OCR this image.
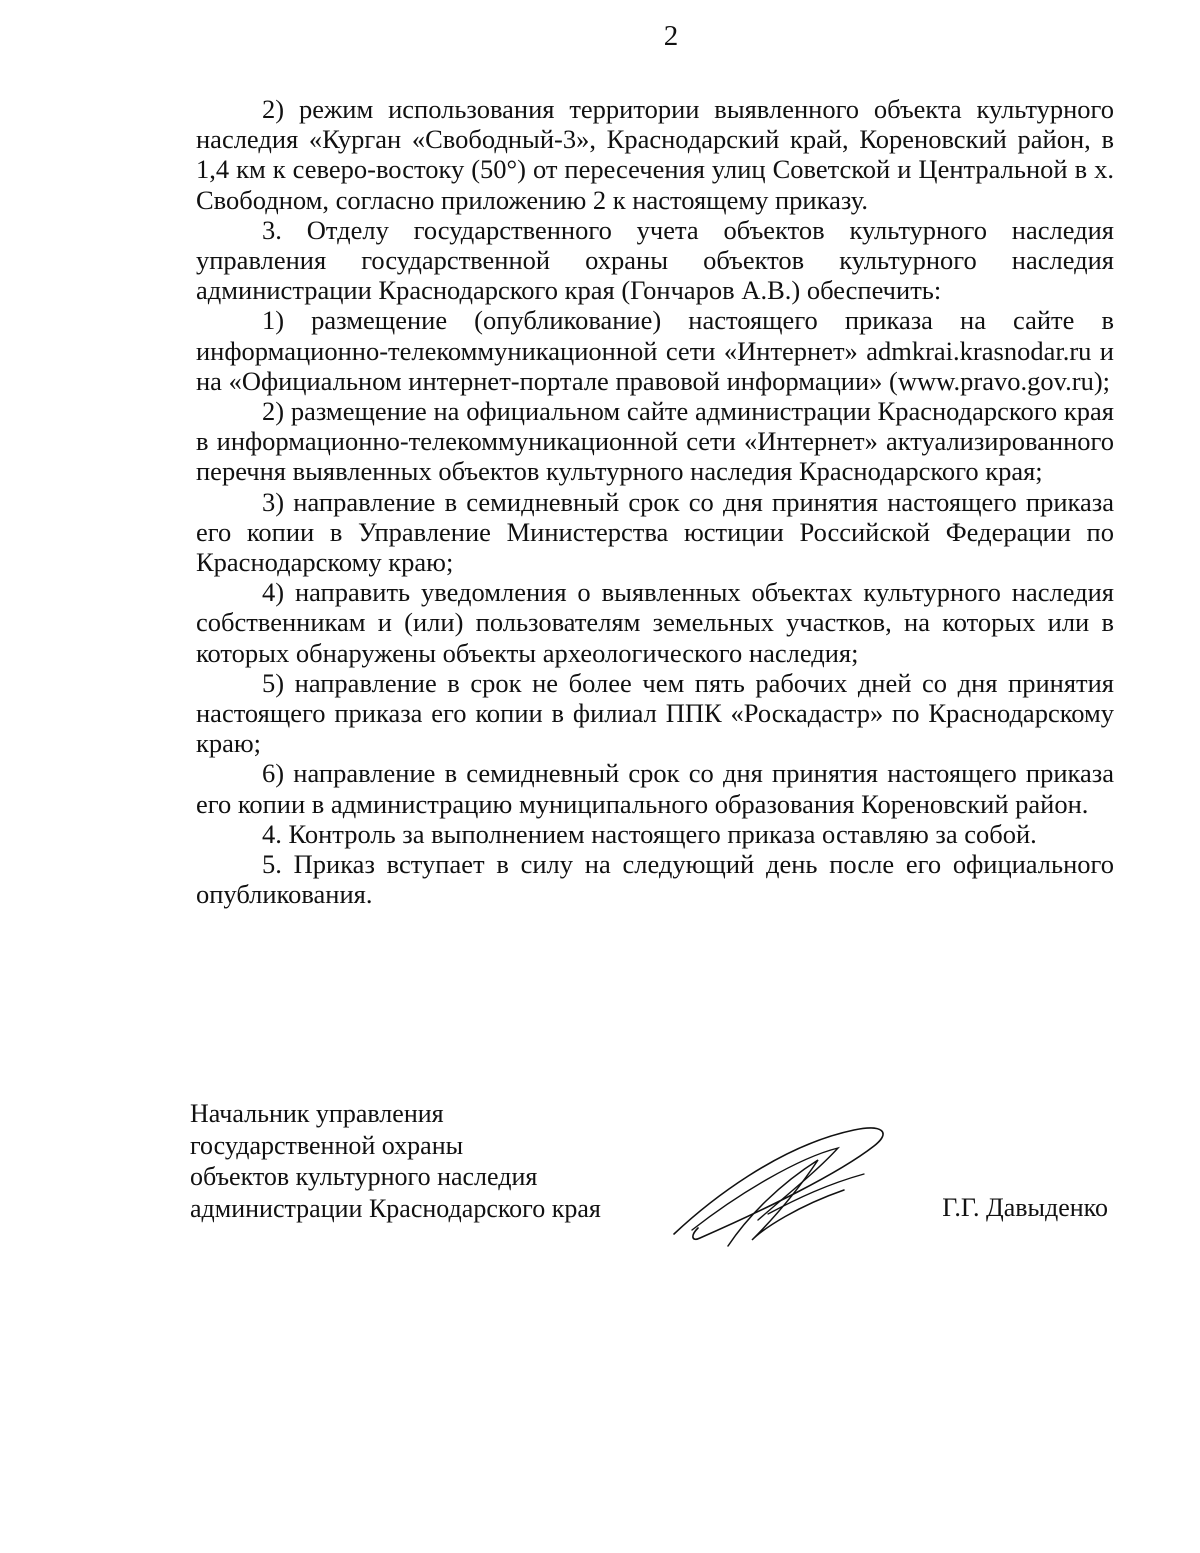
2

2) режим использования территории выявленного объекта культурного наследия «Курган «Свободный-3», Краснодарский край, Кореновский район, в 1,4 км к северо-востоку (50°) от пересечения улиц Советской и Центральной в х. Свободном, согласно приложению 2 к настоящему приказу.

3. Отделу государственного учета объектов культурного наследия управления государственной охраны объектов культурного наследия администрации Краснодарского края (Гончаров А.В.) обеспечить:

1) размещение (опубликование) настоящего приказа на сайте в информационно-телекоммуникационной сети «Интернет» admkrai.krasnodar.ru и на «Официальном интернет-портале правовой информации» (www.pravo.gov.ru);

2) размещение на официальном сайте администрации Краснодарского края в информационно-телекоммуникационной сети «Интернет» актуализированного перечня выявленных объектов культурного наследия Краснодарского края;

3) направление в семидневный срок со дня принятия настоящего приказа его копии в Управление Министерства юстиции Российской Федерации по Краснодарскому краю;

4) направить уведомления о выявленных объектах культурного наследия собственникам и (или) пользователям земельных участков, на которых или в которых обнаружены объекты археологического наследия;

5) направление в срок не более чем пять рабочих дней со дня принятия настоящего приказа его копии в филиал ППК «Роскадастр» по Краснодарскому краю;

6) направление в семидневный срок со дня принятия настоящего приказа его копии в администрацию муниципального образования Кореновский район.

4. Контроль за выполнением настоящего приказа оставляю за собой.

5. Приказ вступает в силу на следующий день после его официального опубликования.

Начальник управления
государственной охраны
объектов культурного наследия
администрации Краснодарского края	Г.Г. Давыденко
